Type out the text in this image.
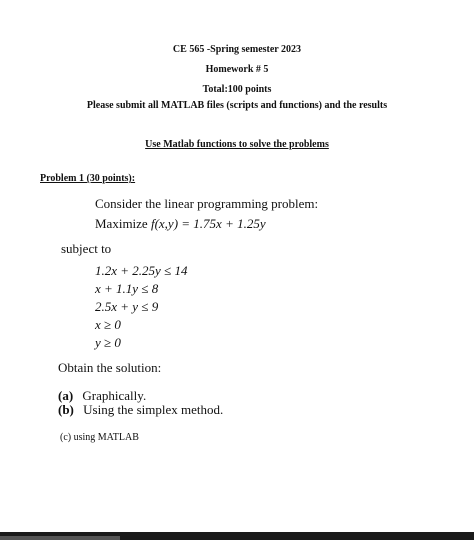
CE 565 -Spring semester 2023
Homework # 5
Total:100 points
Please submit all MATLAB files (scripts and functions) and the results
Use Matlab functions to solve the problems
Problem 1 (30 points):
Consider the linear programming problem:
Maximize f(x,y) = 1.75x + 1.25y
subject to
1.2x + 2.25y ≤ 14
x + 1.1y ≤ 8
2.5x + y ≤ 9
x ≥ 0
y ≥ 0
Obtain the solution:
(a) Graphically.
(b) Using the simplex method.
(c) using MATLAB
